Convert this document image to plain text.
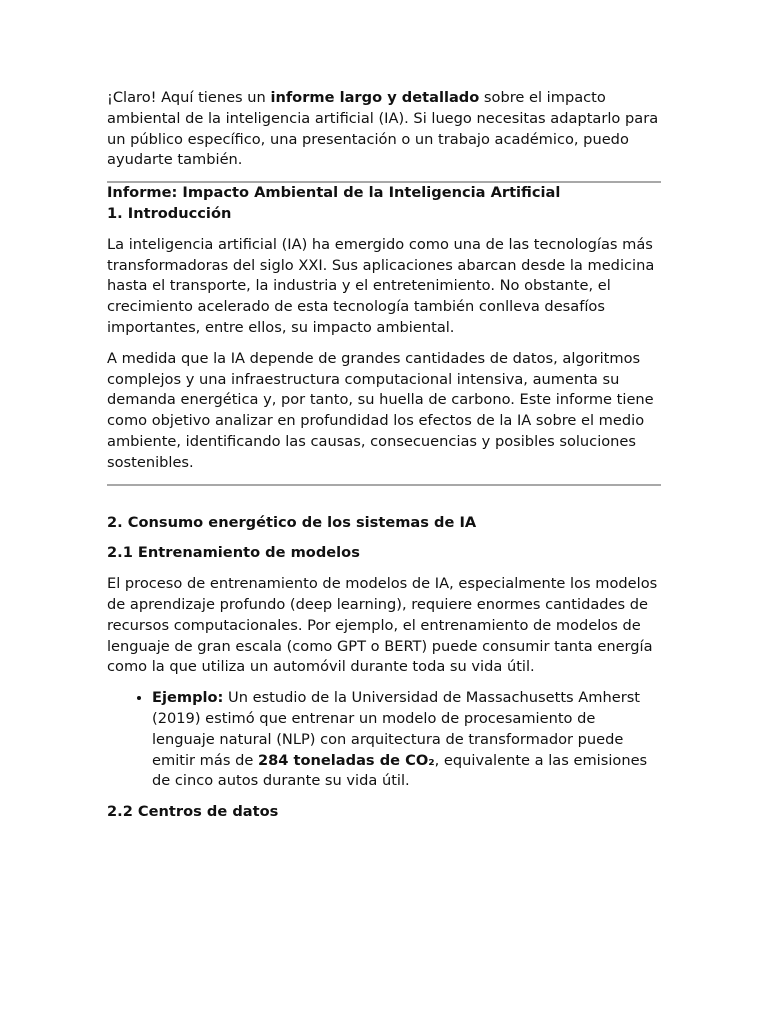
¡Claro! Aquí tienes un informe largo y detallado sobre el impacto ambiental de la inteligencia artificial (IA). Si luego necesitas adaptarlo para un público específico, una presentación o un trabajo académico, puedo ayudarte también.

Informe: Impacto Ambiental de la Inteligencia Artificial
1. Introducción

La inteligencia artificial (IA) ha emergido como una de las tecnologías más transformadoras del siglo XXI. Sus aplicaciones abarcan desde la medicina hasta el transporte, la industria y el entretenimiento. No obstante, el crecimiento acelerado de esta tecnología también conlleva desafíos importantes, entre ellos, su impacto ambiental.

A medida que la IA depende de grandes cantidades de datos, algoritmos complejos y una infraestructura computacional intensiva, aumenta su demanda energética y, por tanto, su huella de carbono. Este informe tiene como objetivo analizar en profundidad los efectos de la IA sobre el medio ambiente, identificando las causas, consecuencias y posibles soluciones sostenibles.

2. Consumo energético de los sistemas de IA
2.1 Entrenamiento de modelos

El proceso de entrenamiento de modelos de IA, especialmente los modelos de aprendizaje profundo (deep learning), requiere enormes cantidades de recursos computacionales. Por ejemplo, el entrenamiento de modelos de lenguaje de gran escala (como GPT o BERT) puede consumir tanta energía como la que utiliza un automóvil durante toda su vida útil.

• Ejemplo: Un estudio de la Universidad de Massachusetts Amherst (2019) estimó que entrenar un modelo de procesamiento de lenguaje natural (NLP) con arquitectura de transformador puede emitir más de 284 toneladas de CO₂, equivalente a las emisiones de cinco autos durante su vida útil.
2.2 Centros de datos
